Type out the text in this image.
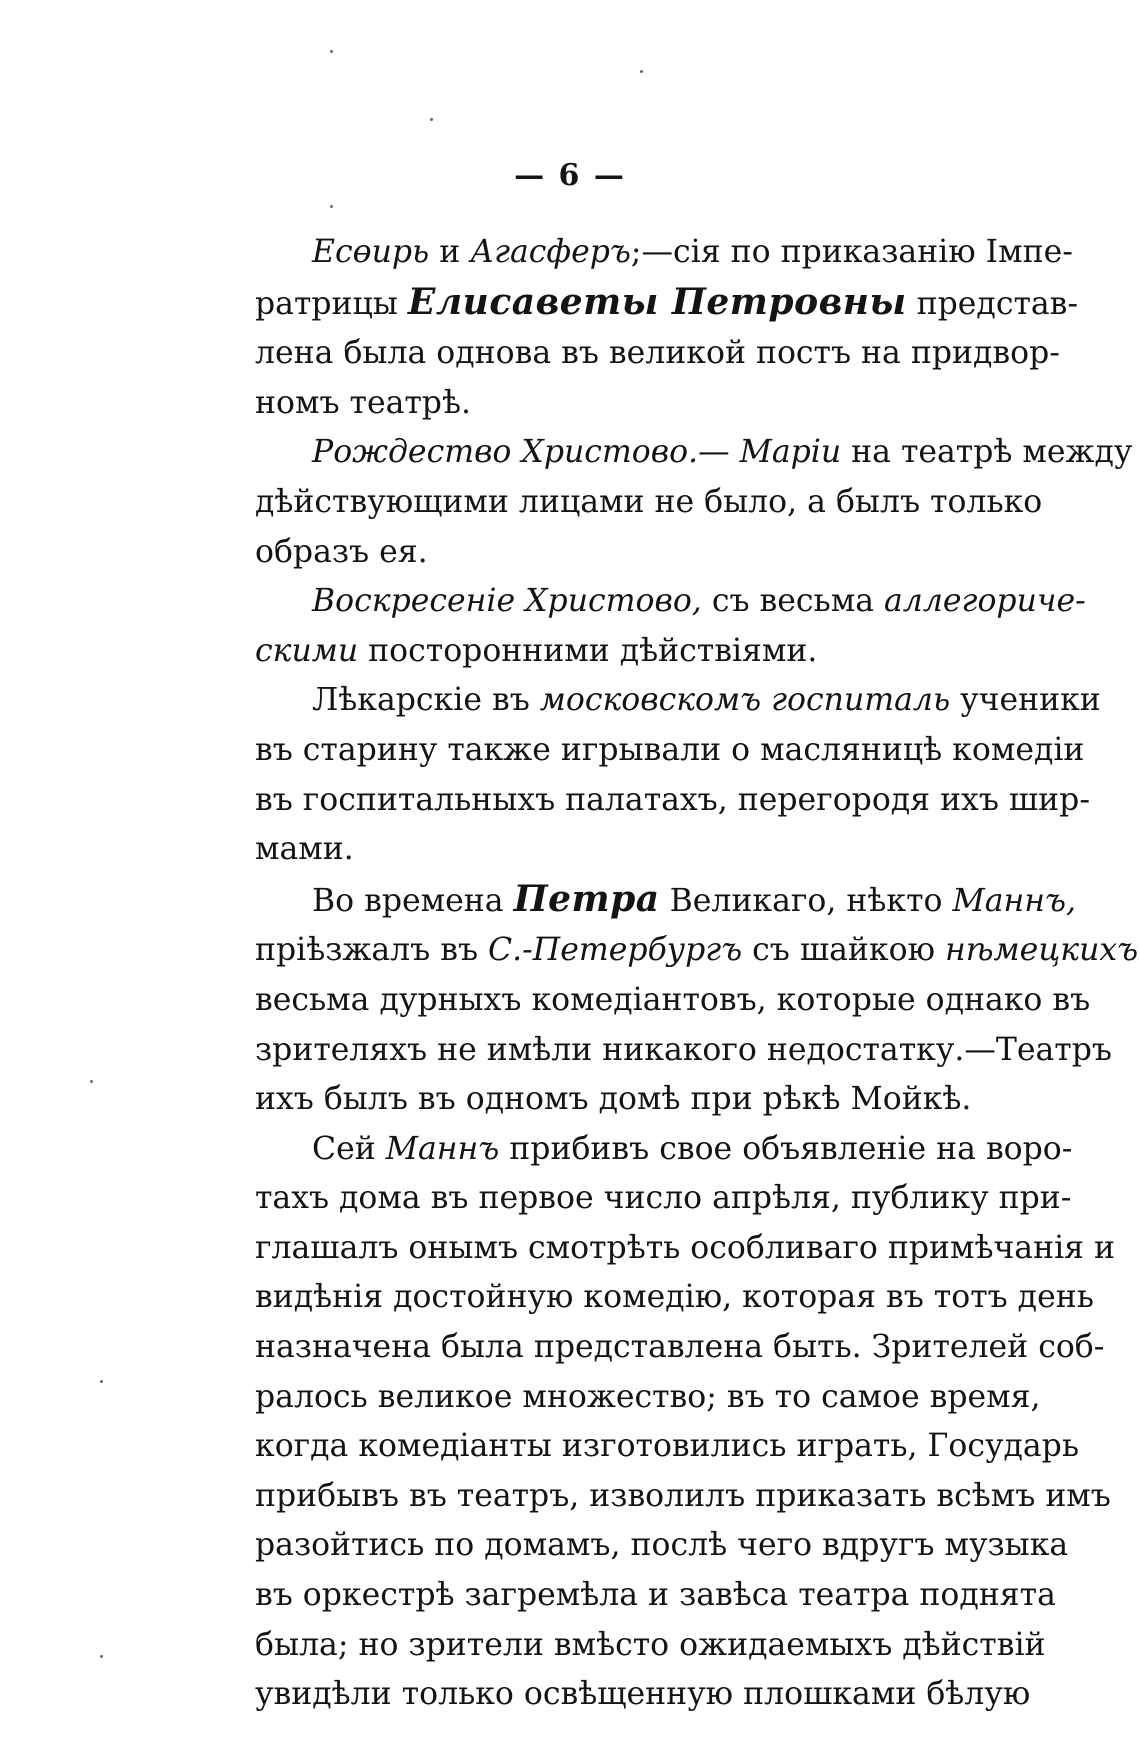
— 6 —
Есөирь и Агасферъ;—сія по приказанію Імпе-
ратрицы Елисаветы Петровны представ-
лена была однова въ великой постъ на придвор-
номъ театрѣ.
Рождество Христово.— Маріи на театрѣ между
дѣйствующими лицами не было, а былъ только
образъ ея.
Воскресеніе Христово, съ весьма аллегориче-
скими посторонними дѣйствіями.
Лѣкарскіе въ московскомъ госпиталь ученики
въ старину также игрывали о масляницѣ комедіи
въ госпитальныхъ палатахъ, перегородя ихъ шир-
мами.
Во времена Петра Великаго, нѣкто Маннъ,
пріѣзжалъ въ С.-Петербургъ съ шайкою нѣмецкихъ
весьма дурныхъ комедіантовъ, которые однако въ
зрителяхъ не имѣли никакого недостатку.—Театръ
ихъ былъ въ одномъ домѣ при рѣкѣ Мойкѣ.
Сей Маннъ прибивъ свое объявленіе на воро-
тахъ дома въ первое число апрѣля, публику при-
глашалъ онымъ смотрѣть особливаго примѣчанія и
видѣнія достойную комедію, которая въ тотъ день
назначена была представлена быть. Зрителей соб-
ралось великое множество; въ то самое время,
когда комедіанты изготовились играть, Государь
прибывъ въ театръ, изволилъ приказать всѣмъ имъ
разойтись по домамъ, послѣ чего вдругъ музыка
въ оркестрѣ загремѣла и завѣса театра поднята
была; но зрители вмѣсто ожидаемыхъ дѣйствій
увидѣли только освѣщенную плошками бѣлую
